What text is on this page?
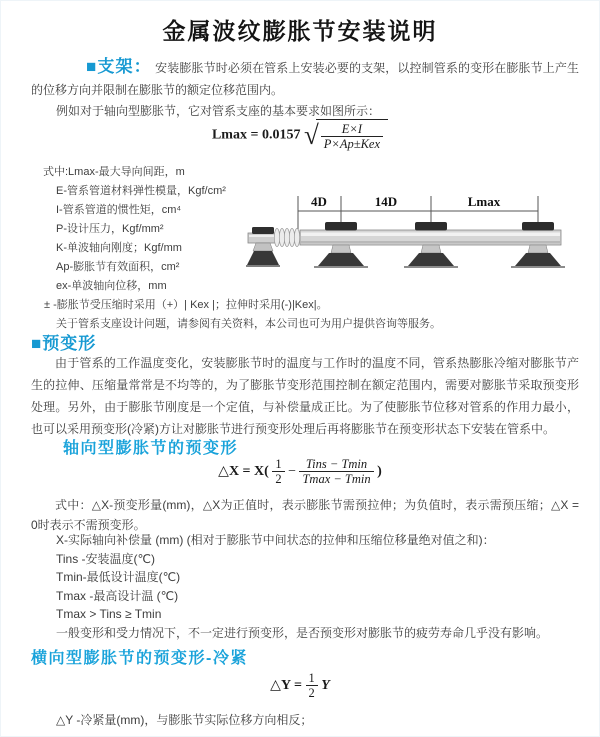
金属波纹膨胀节安装说明
■支架： 安装膨胀节时必须在管系上安装必要的支架，以控制管系的变形在膨胀节上产生的位移方向并限制在膨胀节的额定位移范围内。
例如对于轴向型膨胀节，它对管系支座的基本要求如图所示：
Lmax = 0.0157 √ $\frac{E\times I}{\text{P×Ap±Kex}}$
式中:Lmax-最大导向间距，m
E-管系管道材料弹性模量，Kgf/cm²
I-管系管道的惯性矩，cm⁴
P-设计压力，Kgf/mm²
K-单波轴向刚度；Kgf/mm
Ap-膨胀节有效面积，cm²
ex-单波轴向位移，mm
± -膨胀节受压缩时采用（+）| Kex |；拉伸时采用(-)|Kex|。
关于管系支座设计问题，请参阅有关资料，本公司也可为用户提供咨询等服务。
4D	14D	Lmax
■预变形
由于管系的工作温度变化，安装膨胀节时的温度与工作时的温度不同，管系热膨胀冷缩对膨胀节产生的拉伸、压缩量常常是不均等的，为了膨胀节变形范围控制在额定范围内，需要对膨胀节采取预变形处理。另外，由于膨胀节刚度是一个定值，与补偿量成正比。为了使膨胀节位移对管系的作用力最小，也可以采用预变形(冷紧)方让对膨胀节进行预变形处理后再将膨胀节在预变形状态下安装在管系中。
轴向型膨胀节的预变形
△X = $X( \frac{1}{2} - \frac{\text{Tins − Tmin}}{Tmax - Tmin}$ )
式中：△X-预变形量(mm)，△X为正值时，表示膨胀节需预拉伸；为负值时，表示需预压缩；△X = 0时表示不需预变形。
X-实际轴向补偿量 (mm) (相对于膨胀节中间状态的拉伸和压缩位移量绝对值之和)：
Tins -安装温度(℃)
Tmin-最低设计温度(℃)
Tmax -最高设计温 (℃)
Tmax > Tins ≥ Tmin
一般变形和受力情况下，不一定进行预变形，是否预变形对膨胀节的疲劳寿命几乎没有影响。
横向型膨胀节的预变形-冷紧
△Y = $\frac{1}{2}$ Y
△Y -冷紧量(mm)，与膨胀节实际位移方向相反；
